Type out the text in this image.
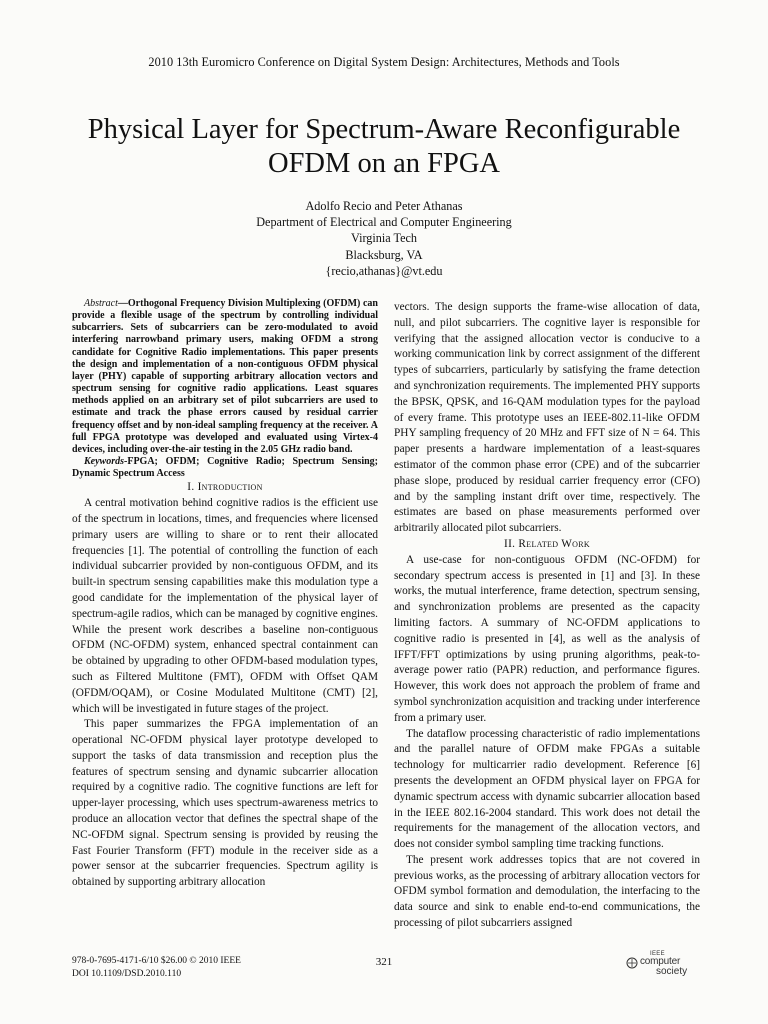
2010 13th Euromicro Conference on Digital System Design: Architectures, Methods and Tools
Physical Layer for Spectrum-Aware Reconfigurable
OFDM on an FPGA
Adolfo Recio and Peter Athanas
Department of Electrical and Computer Engineering
Virginia Tech
Blacksburg, VA
{recio,athanas}@vt.edu

Abstract—Orthogonal Frequency Division Multiplexing (OFDM) can provide a flexible usage of the spectrum by controlling individual subcarriers. Sets of subcarriers can be zero-modulated to avoid interfering narrowband primary users, making OFDM a strong candidate for Cognitive Radio implementations. This paper presents the design and implementation of a non-contiguous OFDM physical layer (PHY) capable of supporting arbitrary allocation vectors and spectrum sensing for cognitive radio applications. Least squares methods applied on an arbitrary set of pilot subcarriers are used to estimate and track the phase errors caused by residual carrier frequency offset and by non-ideal sampling frequency at the receiver. A full FPGA prototype was developed and evaluated using Virtex-4 devices, including over-the-air testing in the 2.05 GHz radio band.

Keywords-FPGA; OFDM; Cognitive Radio; Spectrum Sensing; Dynamic Spectrum Access

I. Introduction

A central motivation behind cognitive radios is the efficient use of the spectrum in locations, times, and frequencies where licensed primary users are willing to share or to rent their allocated frequencies [1]. The potential of controlling the function of each individual subcarrier provided by non-contiguous OFDM, and its built-in spectrum sensing capabilities make this modulation type a good candidate for the implementation of the physical layer of spectrum-agile radios, which can be managed by cognitive engines. While the present work describes a baseline non-contiguous OFDM (NC-OFDM) system, enhanced spectral containment can be obtained by upgrading to other OFDM-based modulation types, such as Filtered Multitone (FMT), OFDM with Offset QAM (OFDM/OQAM), or Cosine Modulated Multitone (CMT) [2], which will be investigated in future stages of the project.

This paper summarizes the FPGA implementation of an operational NC-OFDM physical layer prototype developed to support the tasks of data transmission and reception plus the features of spectrum sensing and dynamic subcarrier allocation required by a cognitive radio. The cognitive functions are left for upper-layer processing, which uses spectrum-awareness metrics to produce an allocation vector that defines the spectral shape of the NC-OFDM signal. Spectrum sensing is provided by reusing the Fast Fourier Transform (FFT) module in the receiver side as a power sensor at the subcarrier frequencies. Spectrum agility is obtained by supporting arbitrary allocation

vectors. The design supports the frame-wise allocation of data, null, and pilot subcarriers. The cognitive layer is responsible for verifying that the assigned allocation vector is conducive to a working communication link by correct assignment of the different types of subcarriers, particularly by satisfying the frame detection and synchronization requirements. The implemented PHY supports the BPSK, QPSK, and 16-QAM modulation types for the payload of every frame. This prototype uses an IEEE-802.11-like OFDM PHY sampling frequency of 20 MHz and FFT size of N = 64. This paper presents a hardware implementation of a least-squares estimator of the common phase error (CPE) and of the subcarrier phase slope, produced by residual carrier frequency error (CFO) and by the sampling instant drift over time, respectively. The estimates are based on phase measurements performed over arbitrarily allocated pilot subcarriers.

II. Related Work

A use-case for non-contiguous OFDM (NC-OFDM) for secondary spectrum access is presented in [1] and [3]. In these works, the mutual interference, frame detection, spectrum sensing, and synchronization problems are presented as the capacity limiting factors. A summary of NC-OFDM applications to cognitive radio is presented in [4], as well as the analysis of IFFT/FFT optimizations by using pruning algorithms, peak-to-average power ratio (PAPR) reduction, and performance figures. However, this work does not approach the problem of frame and symbol synchronization acquisition and tracking under interference from a primary user.

The dataflow processing characteristic of radio implementations and the parallel nature of OFDM make FPGAs a suitable technology for multicarrier radio development. Reference [6] presents the development an OFDM physical layer on FPGA for dynamic spectrum access with dynamic subcarrier allocation based in the IEEE 802.16-2004 standard. This work does not detail the requirements for the management of the allocation vectors, and does not consider symbol sampling time tracking functions.

The present work addresses topics that are not covered in previous works, as the processing of arbitrary allocation vectors for OFDM symbol formation and demodulation, the interfacing to the data source and sink to enable end-to-end communications, the processing of pilot subcarriers assigned

978-0-7695-4171-6/10 $26.00 © 2010 IEEE
DOI 10.1109/DSD.2010.110
321
IEEE
computer
society
